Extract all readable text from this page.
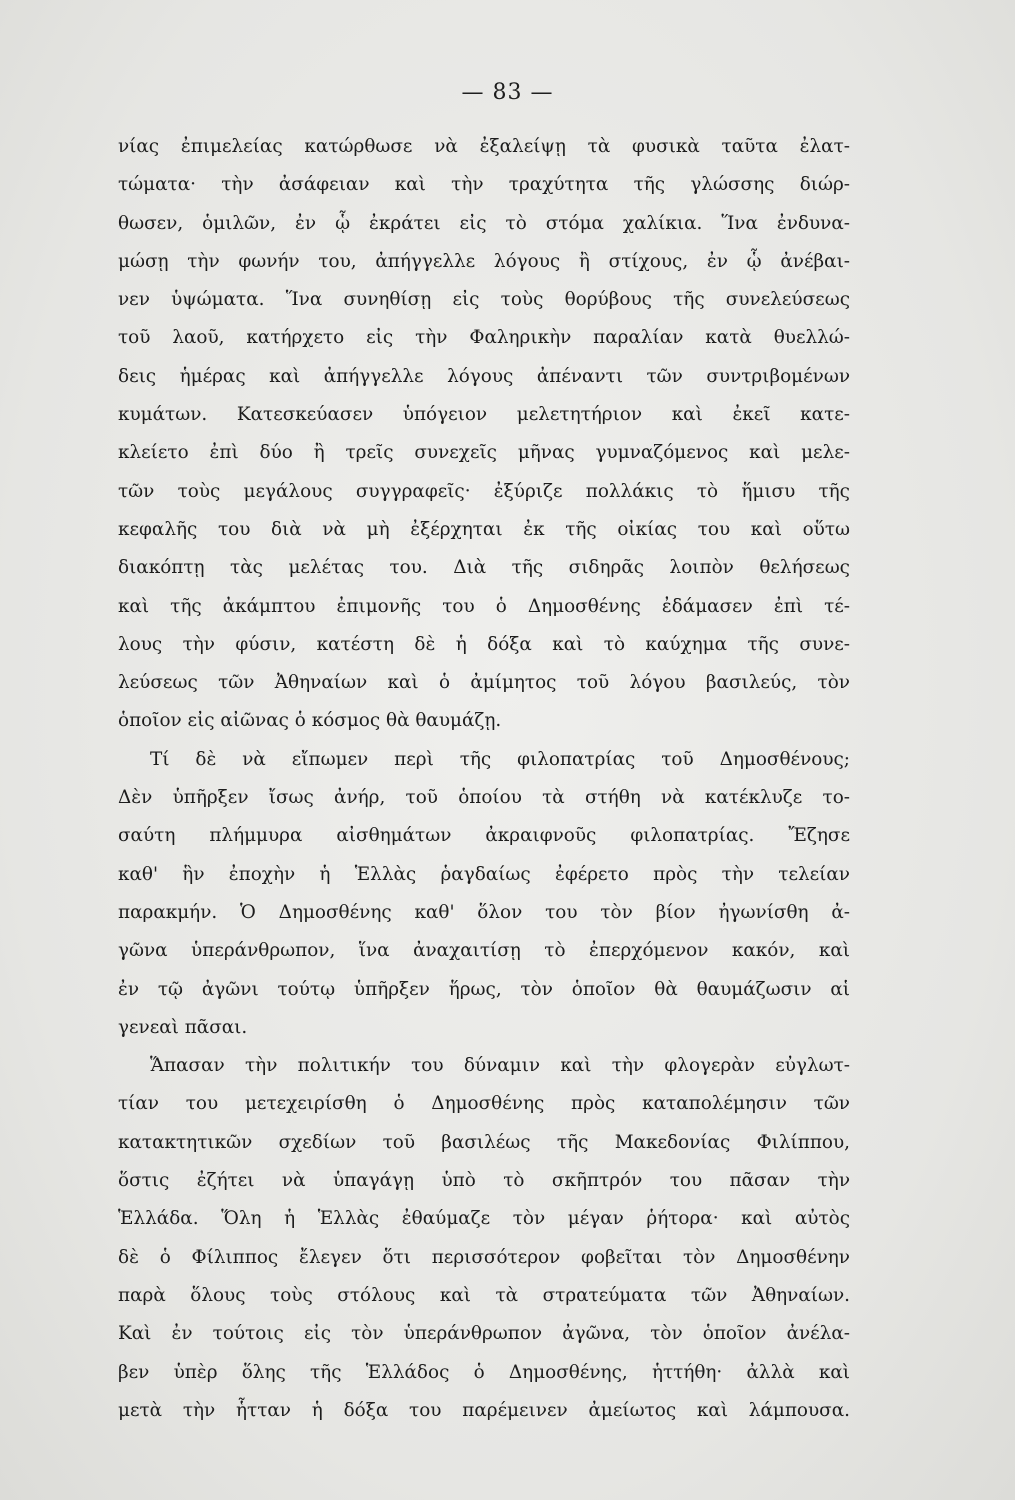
— 83 —
νίας ἐπιμελείας κατώρθωσε νὰ ἐξαλείψῃ τὰ φυσικὰ ταῦτα ἐλατ-
τώματα· τὴν ἀσάφειαν καὶ τὴν τραχύτητα τῆς γλώσσης διώρ-
θωσεν, ὁμιλῶν, ἐν ᾧ ἐκράτει εἰς τὸ στόμα χαλίκια. Ἵνα ἐνδυνα-
μώσῃ τὴν φωνήν του, ἀπήγγελλε λόγους ἢ στίχους, ἐν ᾧ ἀνέβαι-
νεν ὑψώματα. Ἵνα συνηθίσῃ εἰς τοὺς θορύβους τῆς συνελεύσεως
τοῦ λαοῦ, κατήρχετο εἰς τὴν Φαληρικὴν παραλίαν κατὰ θυελλώ-
δεις ἡμέρας καὶ ἀπήγγελλε λόγους ἀπέναντι τῶν συντριβομένων
κυμάτων. Κατεσκεύασεν ὑπόγειον μελετητήριον καὶ ἐκεῖ κατε-
κλείετο ἐπὶ δύο ἢ τρεῖς συνεχεῖς μῆνας γυμναζόμενος καὶ μελε-
τῶν τοὺς μεγάλους συγγραφεῖς· ἐξύριζε πολλάκις τὸ ἥμισυ τῆς
κεφαλῆς του διὰ νὰ μὴ ἐξέρχηται ἐκ τῆς οἰκίας του καὶ οὕτω
διακόπτῃ τὰς μελέτας του. Διὰ τῆς σιδηρᾶς λοιπὸν θελήσεως
καὶ τῆς ἀκάμπτου ἐπιμονῆς του ὁ Δημοσθένης ἐδάμασεν ἐπὶ τέ-
λους τὴν φύσιν, κατέστη δὲ ἡ δόξα καὶ τὸ καύχημα τῆς συνε-
λεύσεως τῶν Ἀθηναίων καὶ ὁ ἀμίμητος τοῦ λόγου βασιλεύς, τὸν
ὁποῖον εἰς αἰῶνας ὁ κόσμος θὰ θαυμάζῃ.
Τί δὲ νὰ εἴπωμεν περὶ τῆς φιλοπατρίας τοῦ Δημοσθένους;
Δὲν ὑπῆρξεν ἴσως ἀνήρ, τοῦ ὁποίου τὰ στήθη νὰ κατέκλυζε το-
σαύτη πλήμμυρα αἰσθημάτων ἀκραιφνοῦς φιλοπατρίας. Ἔζησε
καθ' ἣν ἐποχὴν ἡ Ἑλλὰς ῥαγδαίως ἐφέρετο πρὸς τὴν τελείαν
παρακμήν. Ὁ Δημοσθένης καθ' ὅλον του τὸν βίον ἠγωνίσθη ἀ-
γῶνα ὑπεράνθρωπον, ἵνα ἀναχαιτίσῃ τὸ ἐπερχόμενον κακόν, καὶ
ἐν τῷ ἀγῶνι τούτῳ ὑπῆρξεν ἥρως, τὸν ὁποῖον θὰ θαυμάζωσιν αἱ
γενεαὶ πᾶσαι.
Ἅπασαν τὴν πολιτικήν του δύναμιν καὶ τὴν φλογερὰν εὐγλωτ-
τίαν του μετεχειρίσθη ὁ Δημοσθένης πρὸς καταπολέμησιν τῶν
κατακτητικῶν σχεδίων τοῦ βασιλέως τῆς Μακεδονίας Φιλίππου,
ὅστις ἐζήτει νὰ ὑπαγάγῃ ὑπὸ τὸ σκῆπτρόν του πᾶσαν τὴν
Ἑλλάδα. Ὅλη ἡ Ἑλλὰς ἐθαύμαζε τὸν μέγαν ῥήτορα· καὶ αὐτὸς
δὲ ὁ Φίλιππος ἔλεγεν ὅτι περισσότερον φοβεῖται τὸν Δημοσθένην
παρὰ ὅλους τοὺς στόλους καὶ τὰ στρατεύματα τῶν Ἀθηναίων.
Καὶ ἐν τούτοις εἰς τὸν ὑπεράνθρωπον ἀγῶνα, τὸν ὁποῖον ἀνέλα-
βεν ὑπὲρ ὅλης τῆς Ἑλλάδος ὁ Δημοσθένης, ἡττήθη· ἀλλὰ καὶ
μετὰ τὴν ἧτταν ἡ δόξα του παρέμεινεν ἀμείωτος καὶ λάμπουσα.
